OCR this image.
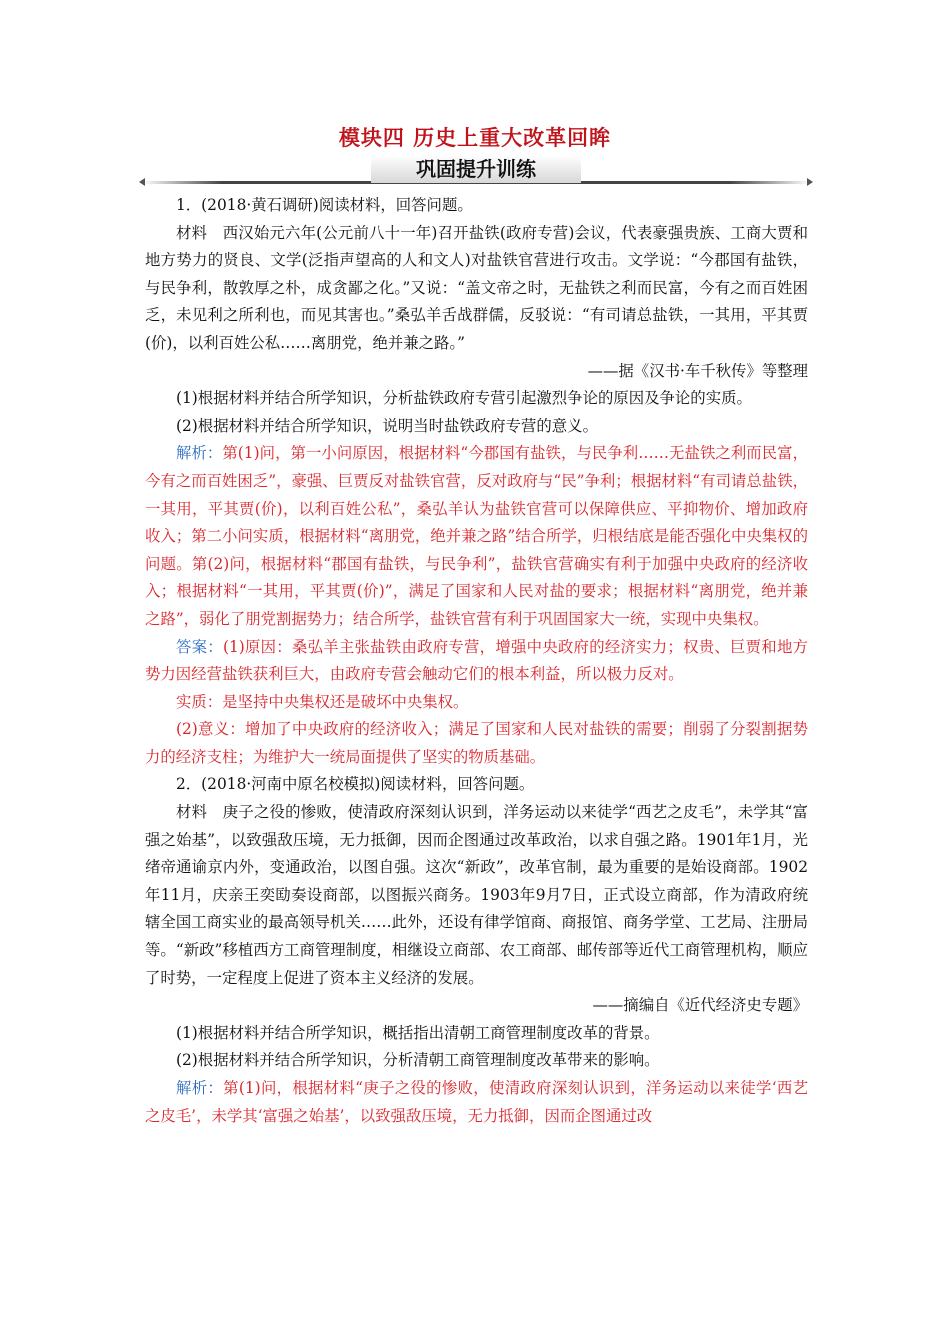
模块四 历史上重大改革回眸
巩固提升训练

1．(2018·黄石调研)阅读材料，回答问题。

材料　西汉始元六年(公元前八十一年)召开盐铁(政府专营)会议，代表豪强贵族、工商大贾和地方势力的贤良、文学(泛指声望高的人和文人)对盐铁官营进行攻击。文学说：“今郡国有盐铁，与民争利，散敦厚之朴，成贪鄙之化。”又说：“盖文帝之时，无盐铁之利而民富，今有之而百姓困乏，未见利之所利也，而见其害也。”桑弘羊舌战群儒，反驳说：“有司请总盐铁，一其用，平其贾(价)，以利百姓公私……离朋党，绝并兼之路。”

——据《汉书·车千秋传》等整理

(1)根据材料并结合所学知识，分析盐铁政府专营引起激烈争论的原因及争论的实质。

(2)根据材料并结合所学知识，说明当时盐铁政府专营的意义。

解析：第(1)问，第一小问原因，根据材料“今郡国有盐铁，与民争利……无盐铁之利而民富，今有之而百姓困乏”，豪强、巨贾反对盐铁官营，反对政府与“民”争利；根据材料“有司请总盐铁，一其用，平其贾(价)，以利百姓公私”，桑弘羊认为盐铁官营可以保障供应、平抑物价、增加政府收入；第二小问实质，根据材料“离朋党，绝并兼之路”结合所学，归根结底是能否强化中央集权的问题。第(2)问，根据材料“郡国有盐铁，与民争利”，盐铁官营确实有利于加强中央政府的经济收入；根据材料“一其用，平其贾(价)”，满足了国家和人民对盐的要求；根据材料“离朋党，绝并兼之路”，弱化了朋党割据势力；结合所学，盐铁官营有利于巩固国家大一统，实现中央集权。

答案：(1)原因：桑弘羊主张盐铁由政府专营，增强中央政府的经济实力；权贵、巨贾和地方势力因经营盐铁获利巨大，由政府专营会触动它们的根本利益，所以极力反对。

实质：是坚持中央集权还是破坏中央集权。

(2)意义：增加了中央政府的经济收入；满足了国家和人民对盐铁的需要；削弱了分裂割据势力的经济支柱；为维护大一统局面提供了坚实的物质基础。

2．(2018·河南中原名校模拟)阅读材料，回答问题。

材料　庚子之役的惨败，使清政府深刻认识到，洋务运动以来徒学“西艺之皮毛”，未学其“富强之始基”，以致强敌压境，无力抵御，因而企图通过改革政治，以求自强之路。1901年1月，光绪帝通谕京内外，变通政治，以图自强。这次“新政”，改革官制，最为重要的是始设商部。1902年11月，庆亲王奕劻奏设商部，以图振兴商务。1903年9月7日，正式设立商部，作为清政府统辖全国工商实业的最高领导机关……此外，还设有律学馆商、商报馆、商务学堂、工艺局、注册局等。“新政”移植西方工商管理制度，相继设立商部、农工商部、邮传部等近代工商管理机构，顺应了时势，一定程度上促进了资本主义经济的发展。

——摘编自《近代经济史专题》

(1)根据材料并结合所学知识，概括指出清朝工商管理制度改革的背景。

(2)根据材料并结合所学知识，分析清朝工商管理制度改革带来的影响。

解析：第(1)问，根据材料“庚子之役的惨败，使清政府深刻认识到，洋务运动以来徒学‘西艺之皮毛’，未学其‘富强之始基’，以致强敌压境，无力抵御，因而企图通过改
